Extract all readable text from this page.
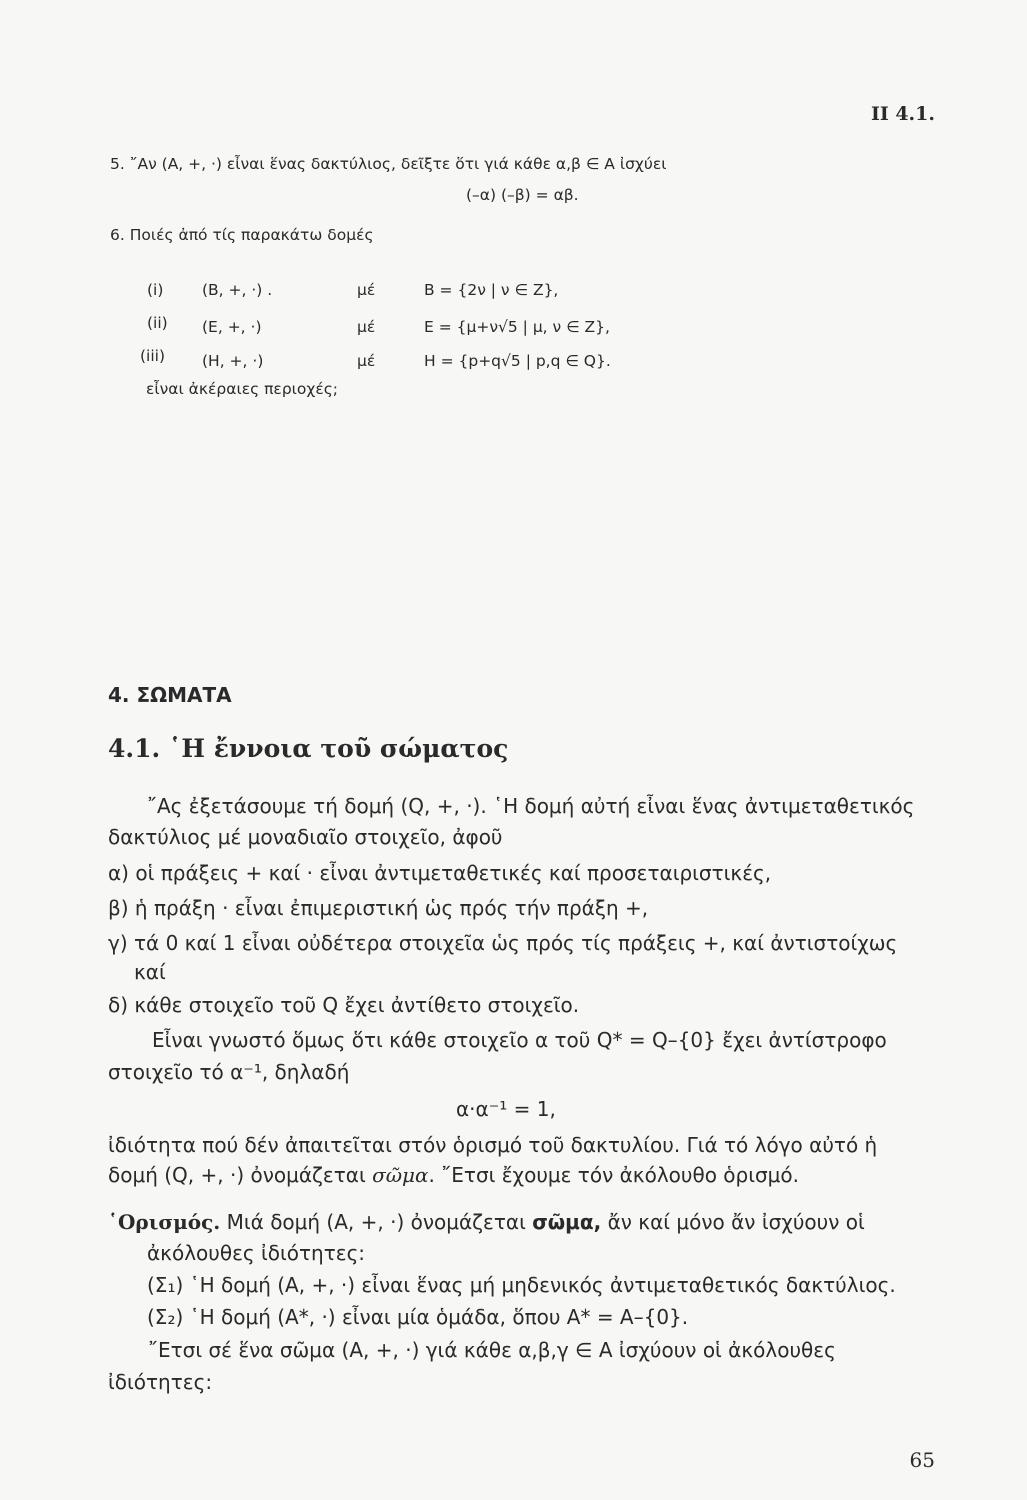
II 4.1.
5. ῎Αν (Α, +, ·) εἶναι ἕνας δακτύλιος, δεῖξτε ὅτι γιά κάθε α,β ∈ Α ἰσχύει
(–α) (–β) = αβ.
6. Ποιές ἀπό τίς παρακάτω δομές
(i) (B, +, ·) .	μέ	B = {2ν | ν ∈ Z},
(ii) (E, +, ·)	μέ	E = {μ+ν√5 | μ, ν ∈ Z},
(iii) (H, +, ·)	μέ	H = {p+q√5 | p,q ∈ Q}.
εἶναι ἀκέραιες περιοχές;
4. ΣΩΜΑΤΑ
4.1. ῾Η ἔννοια τοῦ σώματος
῎Ας ἐξετάσουμε τή δομή (Q, +, ·). ῾Η δομή αὐτή εἶναι ἕνας ἀντιμεταθετικός
δακτύλιος μέ μοναδιαῖο στοιχεῖο, ἀφοῦ
α) οἱ πράξεις + καί · εἶναι ἀντιμεταθετικές καί προσεταιριστικές,
β) ἡ πράξη · εἶναι ἐπιμεριστική ὡς πρός τήν πράξη +,
γ) τά 0 καί 1 εἶναι οὐδέτερα στοιχεῖα ὡς πρός τίς πράξεις +, καί ἀντιστοίχως
καί
δ) κάθε στοιχεῖο τοῦ Q ἔχει ἀντίθετο στοιχεῖο.
Εἶναι γνωστό ὅμως ὅτι κάθε στοιχεῖο α τοῦ Q* = Q–{0} ἔχει ἀντίστροφο
στοιχεῖο τό α⁻¹, δηλαδή
α·α⁻¹ = 1,
ἰδιότητα πού δέν ἀπαιτεῖται στόν ὁρισμό τοῦ δακτυλίου. Γιά τό λόγο αὐτό ἡ
δομή (Q, +, ·) ὀνομάζεται σῶμα. ῎Ετσι ἔχουμε τόν ἀκόλουθο ὁρισμό.
῾Ορισμός. Μιά δομή (Α, +, ·) ὀνομάζεται σῶμα, ἄν καί μόνο ἄν ἰσχύουν οἱ
ἀκόλουθες ἰδιότητες:
(Σ₁) ῾Η δομή (Α, +, ·) εἶναι ἕνας μή μηδενικός ἀντιμεταθετικός δακτύλιος.
(Σ₂) ῾Η δομή (Α*, ·) εἶναι μία ὁμάδα, ὅπου Α* = Α–{0}.
῎Ετσι σέ ἕνα σῶμα (Α, +, ·) γιά κάθε α,β,γ ∈ Α ἰσχύουν οἱ ἀκόλουθες
ἰδιότητες:
65
